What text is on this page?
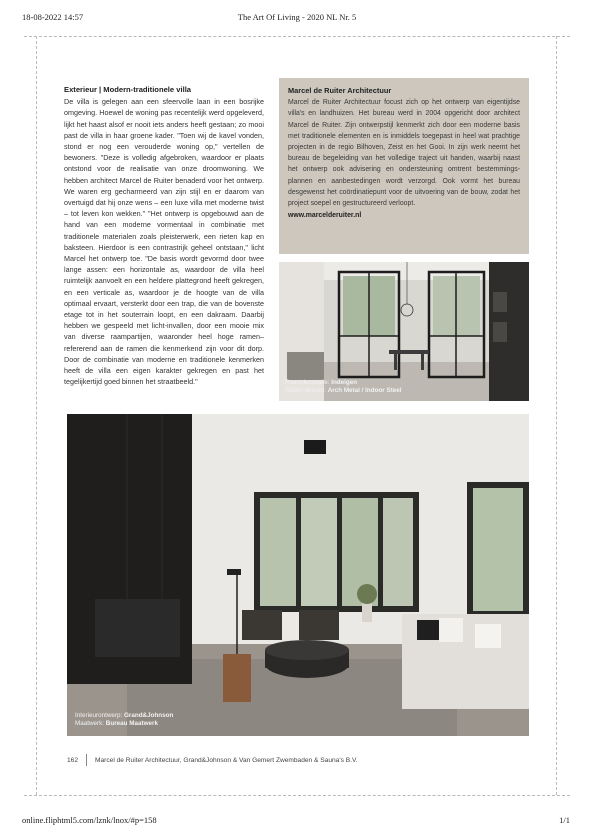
18-08-2022 14:57	The Art Of Living - 2020 NL Nr. 5
Exterieur | Modern-traditionele villa

De villa is gelegen aan een sfeervolle laan in een bosrijke omgeving. Hoewel de woning pas recentelijk werd opgeleverd, lijkt het haast alsof er nooit iets anders heeft gestaan; zo mooi past de villa in haar groene kader. "Toen wij de kavel vonden, stond er nog een verouderde woning op," vertellen de bewoners. "Deze is volledig afgebroken, waardoor er plaats ontstond voor de realisatie van onze droomwoning. We hebben architect Marcel de Ruiter benaderd voor het ontwerp. We waren erg gecharmeerd van zijn stijl en er daarom van overtuigd dat hij onze wens – een luxe villa met moderne twist – tot leven kon wekken." "Het ontwerp is opgebouwd aan de hand van een moderne vormentaal in combinatie met traditionele materialen zoals pleisterwerk, een rieten kap en baksteen. Hierdoor is een contrastrijk geheel ontstaan," licht Marcel het ontwerp toe. "De basis wordt gevormd door twee lange assen: een horizontale as, waardoor de villa heel ruimtelijk aanvoelt en een heldere plattegrond heeft gekregen, en een verticale as, waardoor je de hoogte van de villa optimaal ervaart, versterkt door een trap, die van de bovenste etage tot in het souterrain loopt, en een dakraam. Daarbij hebben we gespeeld met licht-invallen, door een mooie mix van diverse raampartijen, waaronder heel hoge ramen– refererend aan de ramen die kenmerkend zijn voor dit dorp. Door de combinatie van moderne en traditionele kenmerken heeft de villa een eigen karakter gekregen en past het tegelijkertijd goed binnen het straatbeeld."

Marcel de Ruiter Architectuur

Marcel de Ruiter Architectuur focust zich op het ontwerp van eigentijdse villa's en landhuizen. Het bureau werd in 2004 opgericht door architect Marcel de Ruiter. Zijn ontwerpstijl kenmerkt zich door een moderne basis met traditionele elementen en is inmiddels toegepast in heel wat prachtige projecten in de regio Bilhoven, Zeist en het Gooi. In zijn werk neemt het bureau de begeleiding van het volledige traject uit handen, waarbij naast het ontwerp ook advisering en ondersteuning omtrent bestemmings-plannen en aanbestedingen wordt verzorgd. Ook vormt het bureau desgewenst het coördinatiepunt voor de uitvoering van de bouw, zodat het project soepel en gestructureerd verloopt.

www.marcelderuiter.nl
Raamdecoratie: Indeigen
Stalen deuren: Arch Metal / Indoor Steel
Interieurontwerp: Grand&Johnson
Maatwerk: Bureau Maatwerk
162	Marcel de Ruiter Architectuur, Grand&Johnson & Van Gemert Zwembaden & Sauna's B.V.
online.fliphtml5.com/lznk/lnox/#p=158	1/1
